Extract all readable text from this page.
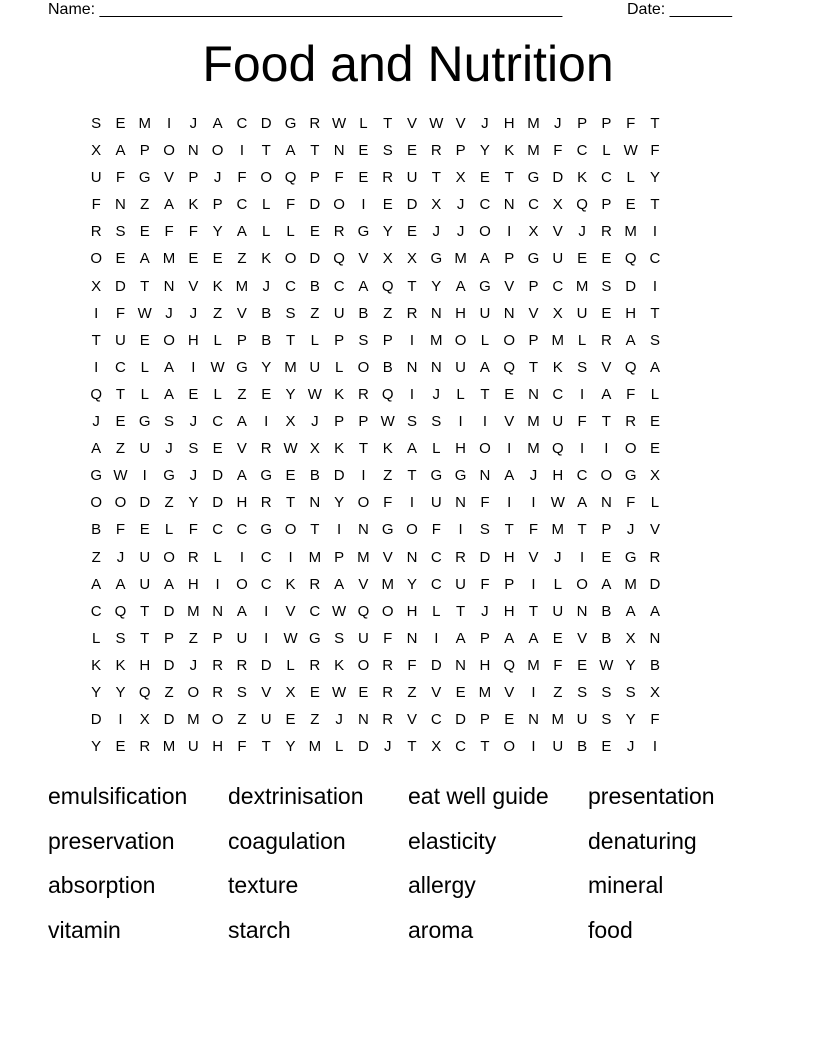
Name: ____________________________________________________	Date: _______
Food and Nutrition
S E M	I	J	A C D G R W L	T V W V	J	H M J	P P F	T
X A P O N O	I	T A T N E S E R P Y K M F C L W F
U F G V P	J	F O Q P F E R U T X E T G D K C L	Y
F N Z A K P C L	F D O	I	E D X	J	C N C X Q P E T
R S E F	F Y A	L	L	E R G Y E	J	J O	I	X V	J	R M	I
O E A M E E Z K O D Q V X X G M A P G U E E Q C
X D T N V K M J	C B C A Q T Y A G V P C M S D	I
I	F W J	J	Z V B S Z U B Z R N H U N V X U E H T
T U E O H L	P B T	L	P S P	I	M O L O P M L R A S
I	C L	A	I	W G Y M U L O B N N U A Q T K S V Q A
Q T	L	A E	L	Z E Y W K R Q	I	J	L	T E N C	I	A F	L
J	E G S	J	C A	I	X	J	P P W S S	I	I	V M U F	T R E
A Z U	J	S E V R W X K T K A	L H O	I	M Q	I	I	O E
G W	I	G J	D A G E B D	I	Z	T G G N A	J	H C O G X
O O D Z Y D H R T N Y O F	I	U N F	I	I	W A N F	L
B F E	L	F C C G O T	I	N G O F	I	S T	F M T P	J	V
Z	J	U O R L	I	C	I	M P M V N C R D H V	J	I	E G R
A A U A H	I	O C K R A V M Y C U F P	I	L O A M D
C Q T D M N A	I	V C W Q O H L	T	J	H T U N B A A
L	S T P Z P U	I	W G S U F N	I	A P A A E V B X N
K K H D	J	R R D L R K O R F D N H Q M F E W Y B
Y Y Q Z O R S V X E W E R Z V E M V	I	Z S S S X
D	I	X D M O Z U E Z	J	N R V C D P E N M U S Y F
Y E R M U H F	T Y M L D	J	T X C T O	I	U B E	J	I
emulsification	dextrinisation	eat well guide	presentation
preservation	coagulation	elasticity	denaturing
absorption	texture	allergy	mineral
vitamin	starch	aroma	food
